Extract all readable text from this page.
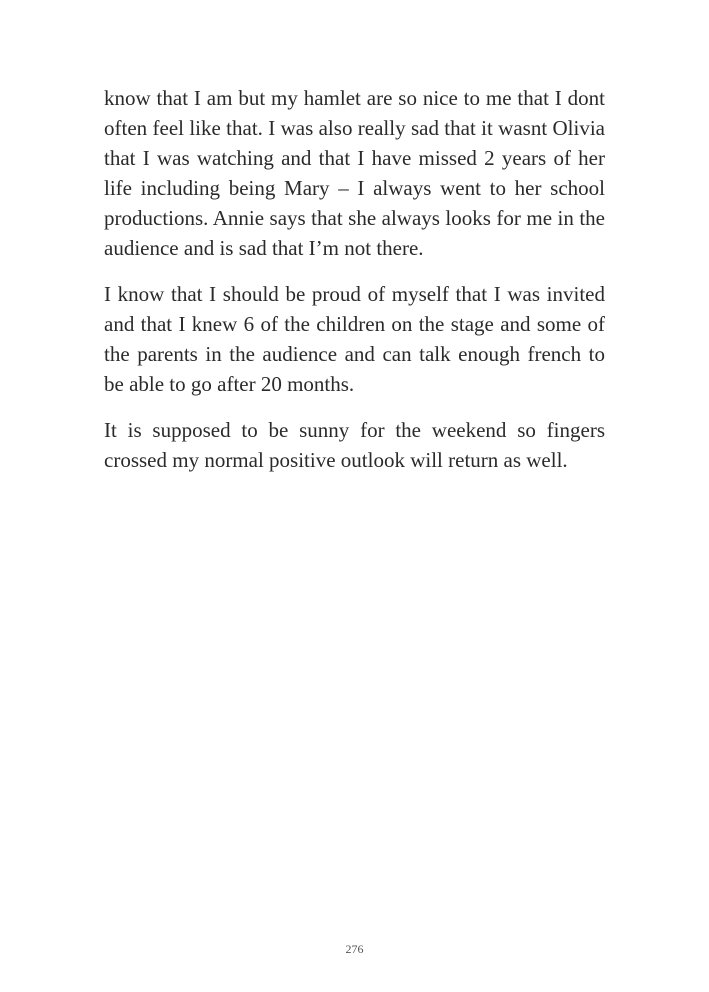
know that I am but my hamlet are so nice to me that I dont often feel like that. I was also really sad that it wasnt Olivia that I was watching and that I have missed 2 years of her life including being Mary – I always went to her school productions. Annie says that she always looks for me in the audience and is sad that I’m not there.

I know that I should be proud of myself that I was invited and that I knew 6 of the children on the stage and some of the parents in the audience and can talk enough french to be able to go after 20 months.

It is supposed to be sunny for the weekend so fingers crossed my normal positive outlook will return as well.

276
